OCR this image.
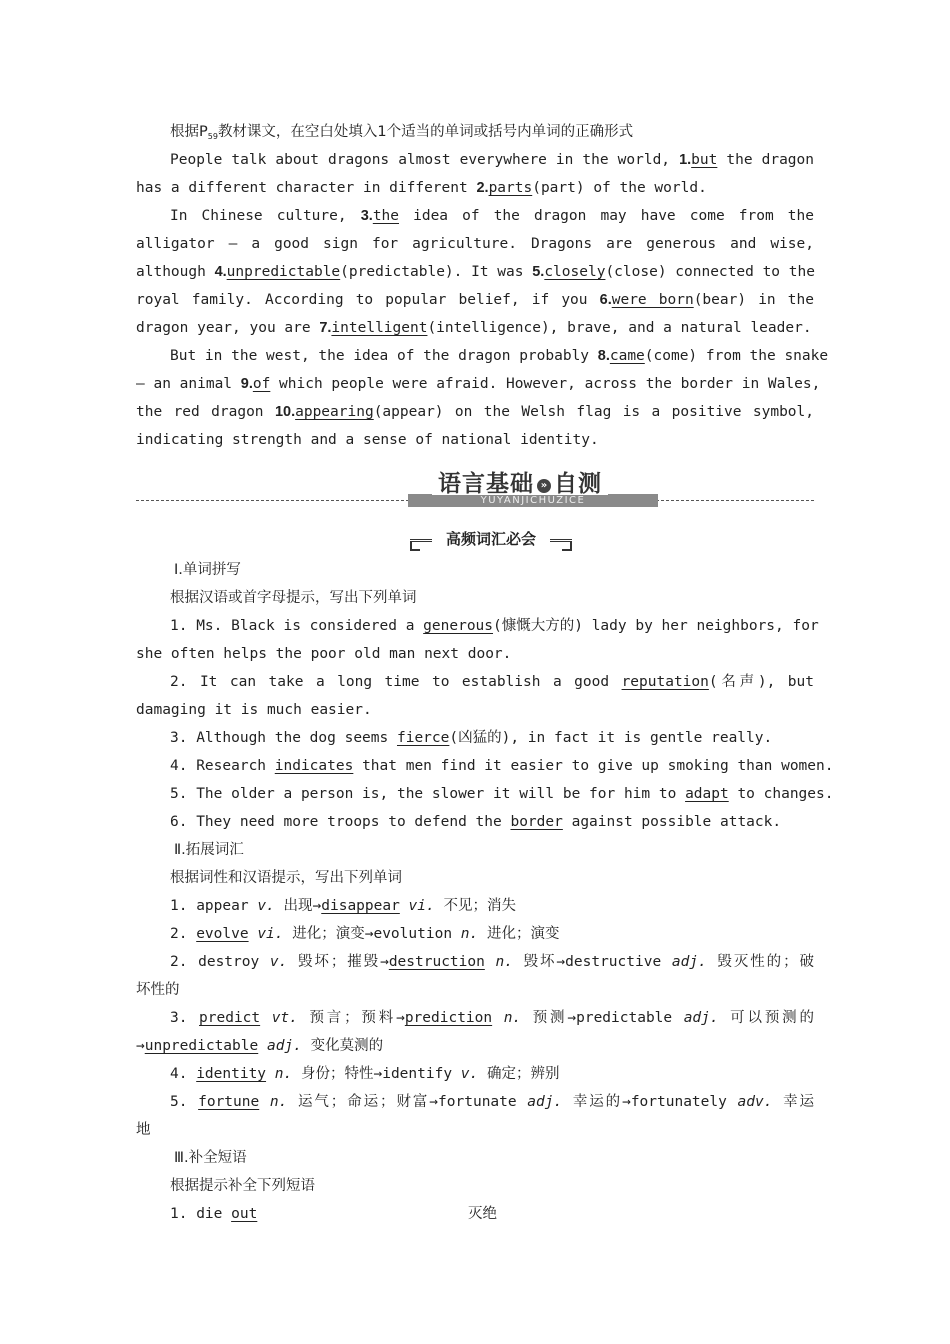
根据$P_{59}$教材课文，在空白处填入1个适当的单词或括号内单词的正确形式
People talk about dragons almost everywhere in the world, 1.but the dragon
has a different character in different 2.parts(part) of the world.
In Chinese culture, 3.the idea of the dragon may have come from the
alligator — a good sign for agriculture. Dragons are generous and wise,
although 4.unpredictable(predictable). It was 5.closely(close) connected to the
royal family. According to popular belief, if you 6.were born(bear) in the
dragon year, you are 7.intelligent(intelligence), brave, and a natural leader.
But in the west, the idea of the dragon probably 8.came(come) from the snake
— an animal 9.of which people were afraid. However, across the border in Wales,
the red dragon 10.appearing(appear) on the Welsh flag is a positive symbol,
indicating strength and a sense of national identity.
YUYANJICHUZICE
语言基础 » 自测
高频词汇必会
Ⅰ.单词拼写
根据汉语或首字母提示，写出下列单词
1. Ms. Black is considered a generous(慷慨大方的) lady by her neighbors, for
she often helps the poor old man next door.
2. It can take a long time to establish a good reputation(名声), but
damaging it is much easier.
3. Although the dog seems fierce(凶猛的), in fact it is gentle really.
4. Research indicates that men find it easier to give up smoking than women.
5. The older a person is, the slower it will be for him to adapt to changes.
6. They need more troops to defend the border against possible attack.
Ⅱ.拓展词汇
根据词性和汉语提示，写出下列单词
1. appear v. 出现→disappear vi. 不见；消失
2. evolve vi. 进化；演变→evolution n. 进化；演变
2. destroy v. 毁坏；摧毁→destruction n. 毁坏→destructive adj. 毁灭性的；破
坏性的
3. predict vt. 预言；预料→prediction n. 预测→predictable adj. 可以预测的
→unpredictable adj. 变化莫测的
4. identity n. 身份；特性→identify v. 确定；辨别
5. fortune n. 运气；命运；财富→fortunate adj. 幸运的→fortunately adv. 幸运
地
Ⅲ.补全短语
根据提示补全下列短语
1. die out	灭绝
